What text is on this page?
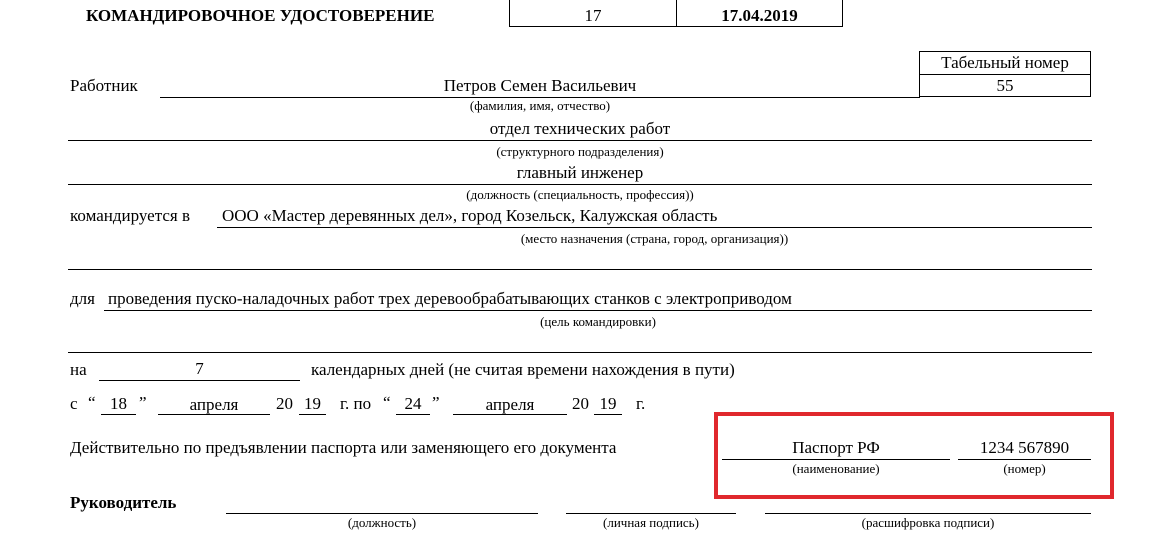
КОМАНДИРОВОЧНОЕ УДОСТОВЕРЕНИЕ	17	17.04.2019
Табельный номер
55
Работник	Петров Семен Васильевич
(фамилия, имя, отчество)
отдел технических работ
(структурного подразделения)
главный инженер
(должность (специальность, профессия))
командируется в ООО «Мастер деревянных дел», город Козельск, Калужская область
(место назначения (страна, город, организация))
для проведения пуско-наладочных работ трех деревообрабатывающих станков с электроприводом
(цель командировки)
на	7	календарных дней (не считая времени нахождения в пути)
с “ 18 ”	апреля	20 19 г. по “ 24 ”	апреля	20 19	г.
Действительно по предъявлении паспорта или заменяющего его документа	Паспорт РФ
(наименование)
1234 567890
(номер)
Руководитель
(должность)	(личная подпись)	(расшифровка подписи)
